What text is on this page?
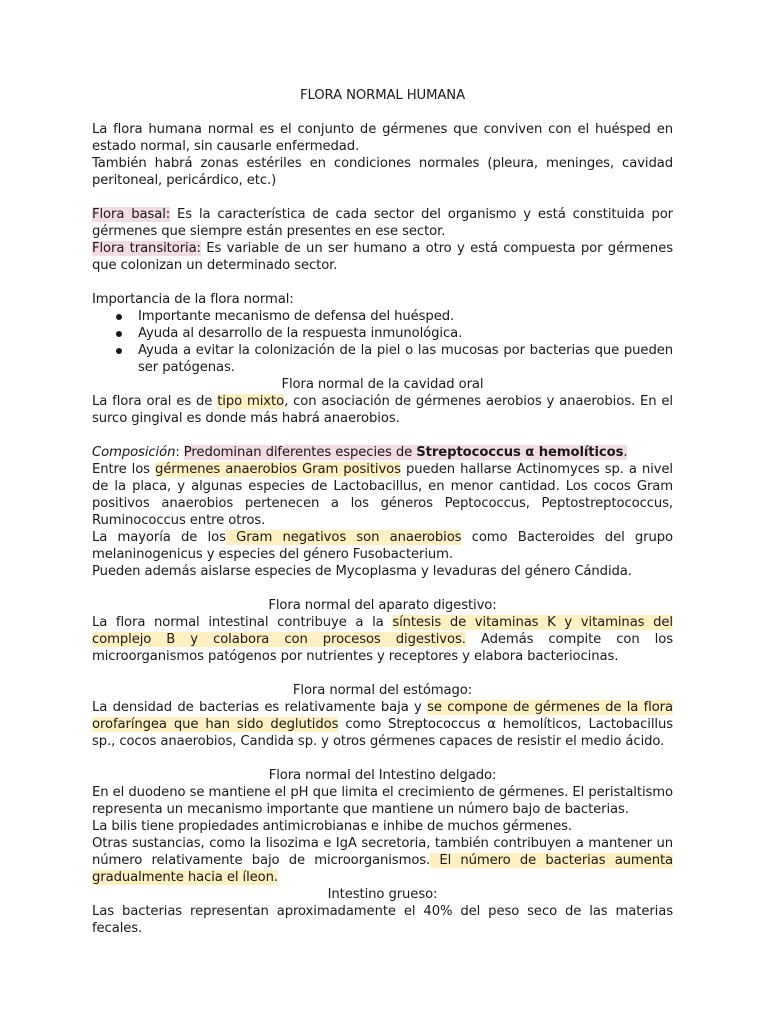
FLORA NORMAL HUMANA

La flora humana normal es el conjunto de gérmenes que conviven con el huésped en estado normal, sin causarle enfermedad.

También habrá zonas estériles en condiciones normales (pleura, meninges, cavidad peritoneal, pericárdico, etc.)

Flora basal: Es la característica de cada sector del organismo y está constituida por gérmenes que siempre están presentes en ese sector.

Flora transitoria: Es variable de un ser humano a otro y está compuesta por gérmenes que colonizan un determinado sector.

Importancia de la flora normal:

Importante mecanismo de defensa del huésped.
Ayuda al desarrollo de la respuesta inmunológica.
Ayuda a evitar la colonización de la piel o las mucosas por bacterias que pueden ser patógenas.

Flora normal de la cavidad oral

La flora oral es de tipo mixto, con asociación de gérmenes aerobios y anaerobios. En el surco gingival es donde más habrá anaerobios.

Composición: Predominan diferentes especies de Streptococcus α hemolíticos.

Entre los gérmenes anaerobios Gram positivos pueden hallarse Actinomyces sp. a nivel de la placa, y algunas especies de Lactobacillus, en menor cantidad. Los cocos Gram positivos anaerobios pertenecen a los géneros Peptococcus, Peptostreptococcus, Ruminococcus entre otros.

La mayoría de los Gram negativos son anaerobios como Bacteroides del grupo melaninogenicus y especies del género Fusobacterium.

Pueden además aislarse especies de Mycoplasma y levaduras del género Cándida.

Flora normal del aparato digestivo:

La flora normal intestinal contribuye a la síntesis de vitaminas K y vitaminas del complejo B y colabora con procesos digestivos. Además compite con los microorganismos patógenos por nutrientes y receptores y elabora bacteriocinas.

Flora normal del estómago:

La densidad de bacterias es relativamente baja y se compone de gérmenes de la flora orofaríngea que han sido deglutidos como Streptococcus α hemolíticos, Lactobacillus sp., cocos anaerobios, Candida sp. y otros gérmenes capaces de resistir el medio ácido.

Flora normal del Intestino delgado:

En el duodeno se mantiene el pH que limita el crecimiento de gérmenes. El peristaltismo representa un mecanismo importante que mantiene un número bajo de bacterias.

La bilis tiene propiedades antimicrobianas e inhibe de muchos gérmenes.

Otras sustancias, como la lisozima e IgA secretoria, también contribuyen a mantener un número relativamente bajo de microorganismos. El número de bacterias aumenta gradualmente hacia el íleon.

Intestino grueso:

Las bacterias representan aproximadamente el 40% del peso seco de las materias fecales.
